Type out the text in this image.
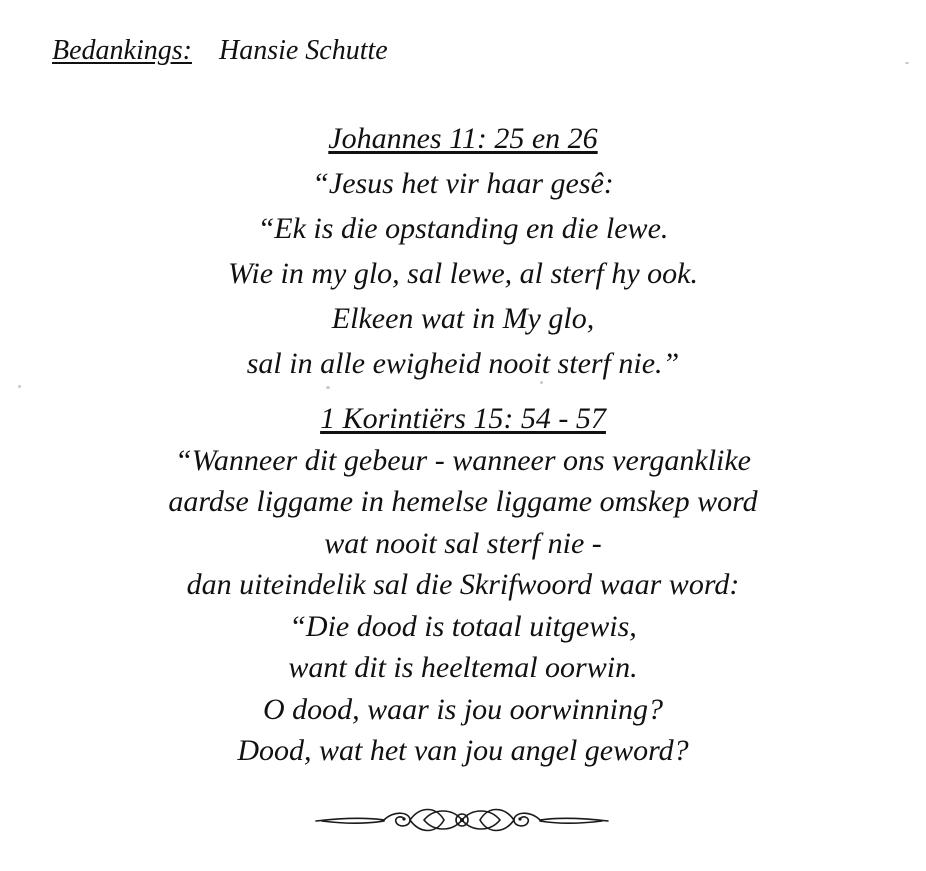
Bedankings: Hansie Schutte

Johannes 11: 25 en 26

“Jesus het vir haar gesê:

“Ek is die opstanding en die lewe.

Wie in my glo, sal lewe, al sterf hy ook.

Elkeen wat in My glo,

sal in alle ewigheid nooit sterf nie.”

1 Korintiërs 15: 54 - 57

“Wanneer dit gebeur - wanneer ons verganklike

aardse liggame in hemelse liggame omskep word

wat nooit sal sterf nie -

dan uiteindelik sal die Skrifwoord waar word:

“Die dood is totaal uitgewis,

want dit is heeltemal oorwin.

O dood, waar is jou oorwinning?

Dood, wat het van jou angel geword?
